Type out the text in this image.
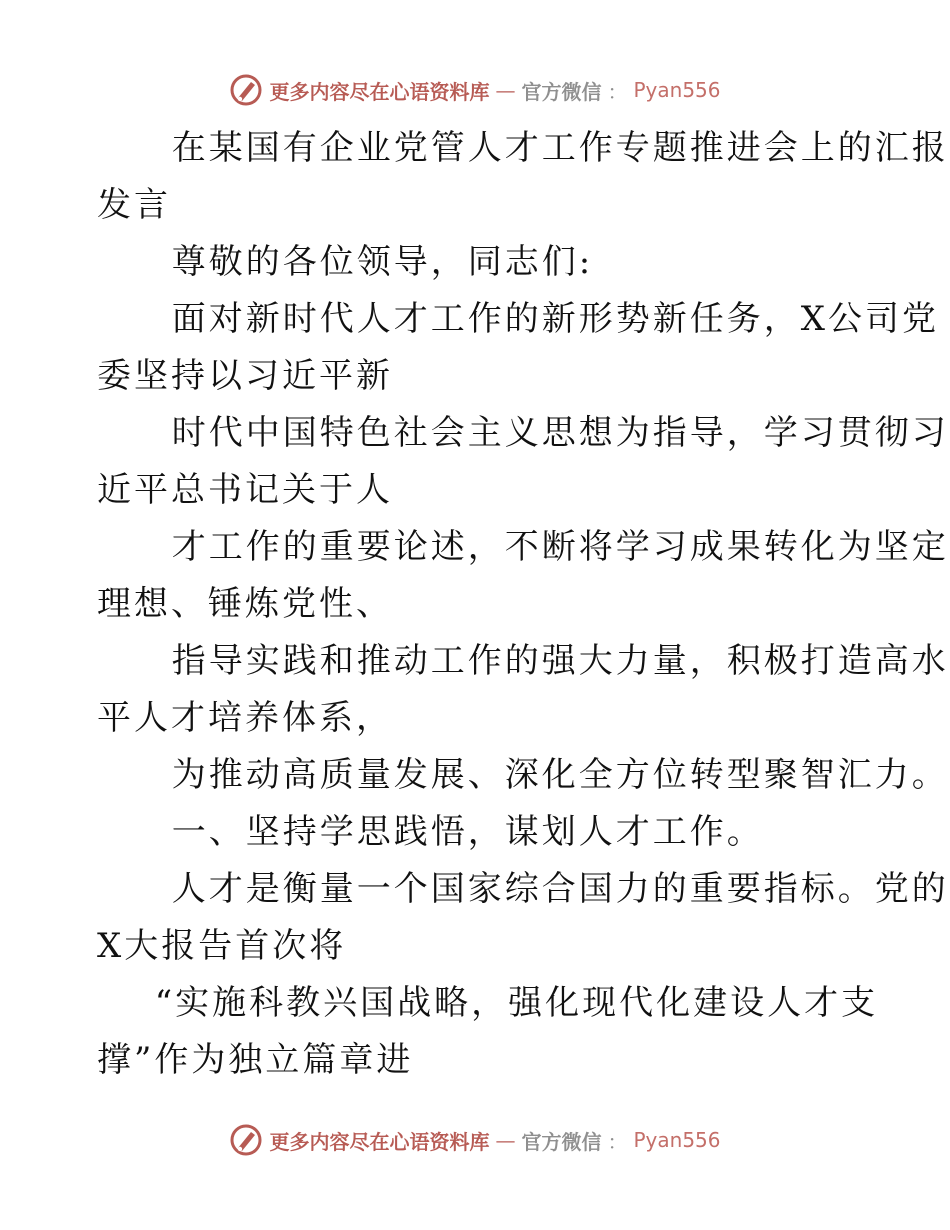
更多内容尽在心语资料库 — 官方微信 ： Pyan556

在某国有企业党管人才工作专题推进会上的汇报

发言

尊敬的各位领导，同志们:

面对新时代人才工作的新形势新任务，X公司党

委坚持以习近平新

时代中国特色社会主义思想为指导，学习贯彻习

近平总书记关于人

才工作的重要论述，不断将学习成果转化为坚定

理想、锤炼党性、

指导实践和推动工作的强大力量，积极打造高水

平人才培养体系，

为推动高质量发展、深化全方位转型聚智汇力。

一、坚持学思践悟，谋划人才工作。

人才是衡量一个国家综合国力的重要指标。党的

X大报告首次将

“实施科教兴国战略，强化现代化建设人才支

撑”作为独立篇章进

更多内容尽在心语资料库 — 官方微信 ： Pyan556
